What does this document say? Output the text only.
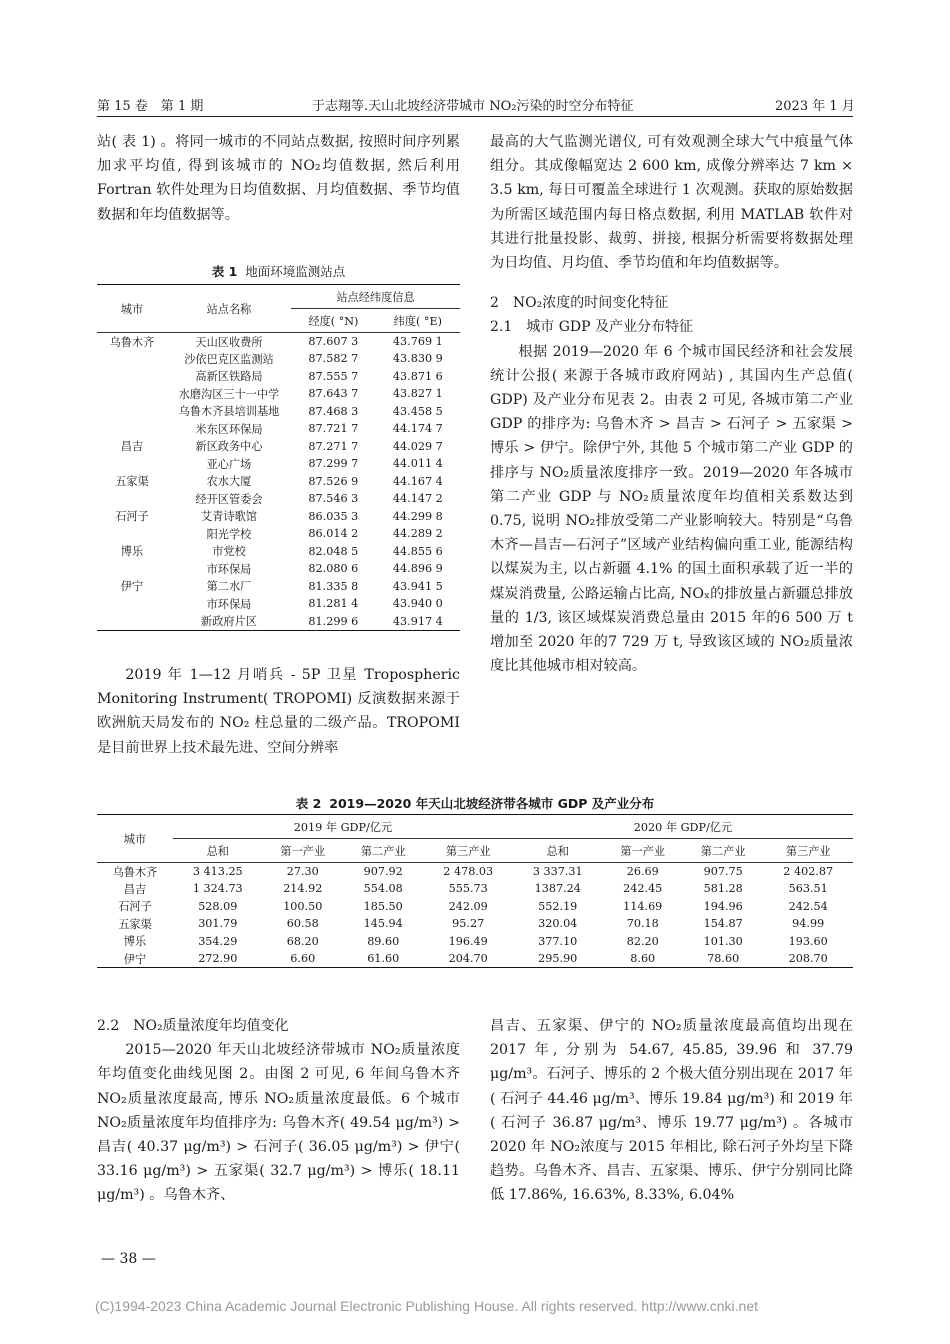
第 15 卷　第 1 期	于志翔等.天山北坡经济带城市 NO₂污染的时空分布特征	2023 年 1 月

站( 表 1) 。将同一城市的不同站点数据, 按照时间序列累加求平均值, 得到该城市的 NO₂均值数据, 然后利用 Fortran 软件处理为日均值数据、月均值数据、季节均值数据和年均值数据等。

表 1 地面环境监测站点
城市	站点名称	站点经纬度信息	
		经度( °N)	纬度( °E)
乌鲁木齐	天山区收费所	87.607 3	43.769 1
	沙依巴克区监测站	87.582 7	43.830 9
	高新区铁路局	87.555 7	43.871 6
	水磨沟区三十一中学	87.643 7	43.827 1
	乌鲁木齐县培训基地	87.468 3	43.458 5
	米东区环保局	87.721 7	44.174 7
昌吉	新区政务中心	87.271 7	44.029 7
	亚心广场	87.299 7	44.011 4
五家渠	农水大厦	87.526 9	44.167 4
	经开区管委会	87.546 3	44.147 2
石河子	艾青诗歌馆	86.035 3	44.299 8
	阳光学校	86.014 2	44.289 2
博乐	市党校	82.048 5	44.855 6
	市环保局	82.080 6	44.896 9
伊宁	第二水厂	81.335 8	43.941 5
	市环保局	81.281 4	43.940 0
	新政府片区	81.299 6	43.917 4

2019 年 1—12 月哨兵 - 5P 卫星 Tropospheric Monitoring Instrument( TROPOMI) 反演数据来源于欧洲航天局发布的 NO₂ 柱总量的二级产品。TROPOMI 是目前世界上技术最先进、空间分辨率

最高的大气监测光谱仪, 可有效观测全球大气中痕量气体组分。其成像幅宽达 2 600 km, 成像分辨率达 7 km × 3.5 km, 每日可覆盖全球进行 1 次观测。获取的原始数据为所需区域范围内每日格点数据, 利用 MATLAB 软件对其进行批量投影、裁剪、拼接, 根据分析需要将数据处理为日均值、月均值、季节均值和年均值数据等。

2　NO₂浓度的时间变化特征

2.1　城市 GDP 及产业分布特征

根据 2019—2020 年 6 个城市国民经济和社会发展统计公报( 来源于各城市政府网站) , 其国内生产总值( GDP) 及产业分布见表 2。由表 2 可见, 各城市第二产业 GDP 的排序为: 乌鲁木齐 > 昌吉 > 石河子 > 五家渠 > 博乐 > 伊宁。除伊宁外, 其他 5 个城市第二产业 GDP 的排序与 NO₂质量浓度排序一致。2019—2020 年各城市第二产业 GDP 与 NO₂质量浓度年均值相关系数达到 0.75, 说明 NO₂排放受第二产业影响较大。特别是“乌鲁木齐—昌吉—石河子”区域产业结构偏向重工业, 能源结构以煤炭为主, 以占新疆 4.1% 的国土面积承载了近一半的煤炭消费量, 公路运输占比高, NOₓ的排放量占新疆总排放量的 1/3, 该区域煤炭消费总量由 2015 年的6 500 万 t 增加至 2020 年的7 729 万 t, 导致该区域的 NO₂质量浓度比其他城市相对较高。

表 2 2019—2020 年天山北坡经济带各城市 GDP 及产业分布
城市	2019 年 GDP/亿元				2020 年 GDP/亿元			
	总和	第一产业	第二产业	第三产业	总和	第一产业	第二产业	第三产业
乌鲁木齐	3 413.25	27.30	907.92	2 478.03	3 337.31	26.69	907.75	2 402.87
昌吉	1 324.73	214.92	554.08	555.73	1387.24	242.45	581.28	563.51
石河子	528.09	100.50	185.50	242.09	552.19	114.69	194.96	242.54
五家渠	301.79	60.58	145.94	95.27	320.04	70.18	154.87	94.99
博乐	354.29	68.20	89.60	196.49	377.10	82.20	101.30	193.60
伊宁	272.90	6.60	61.60	204.70	295.90	8.60	78.60	208.70

2.2　NO₂质量浓度年均值变化

2015—2020 年天山北坡经济带城市 NO₂质量浓度年均值变化曲线见图 2。由图 2 可见, 6 年间乌鲁木齐 NO₂质量浓度最高, 博乐 NO₂质量浓度最低。6 个城市 NO₂质量浓度年均值排序为: 乌鲁木齐( 49.54 μg/m³) > 昌吉( 40.37 μg/m³) > 石河子( 36.05 μg/m³) > 伊宁( 33.16 μg/m³) > 五家渠( 32.7 μg/m³) > 博乐( 18.11 μg/m³) 。乌鲁木齐、

昌吉、五家渠、伊宁的 NO₂质量浓度最高值均出现在 2017 年, 分别为 54.67, 45.85, 39.96 和 37.79 μg/m³。石河子、博乐的 2 个极大值分别出现在 2017 年( 石河子 44.46 μg/m³、博乐 19.84 μg/m³) 和 2019 年( 石河子 36.87 μg/m³、博乐 19.77 μg/m³) 。各城市 2020 年 NO₂浓度与 2015 年相比, 除石河子外均呈下降趋势。乌鲁木齐、昌吉、五家渠、博乐、伊宁分别同比降低 17.86%, 16.63%, 8.33%, 6.04%

— 38 —
(C)1994-2023 China Academic Journal Electronic Publishing House. All rights reserved. http://www.cnki.net
